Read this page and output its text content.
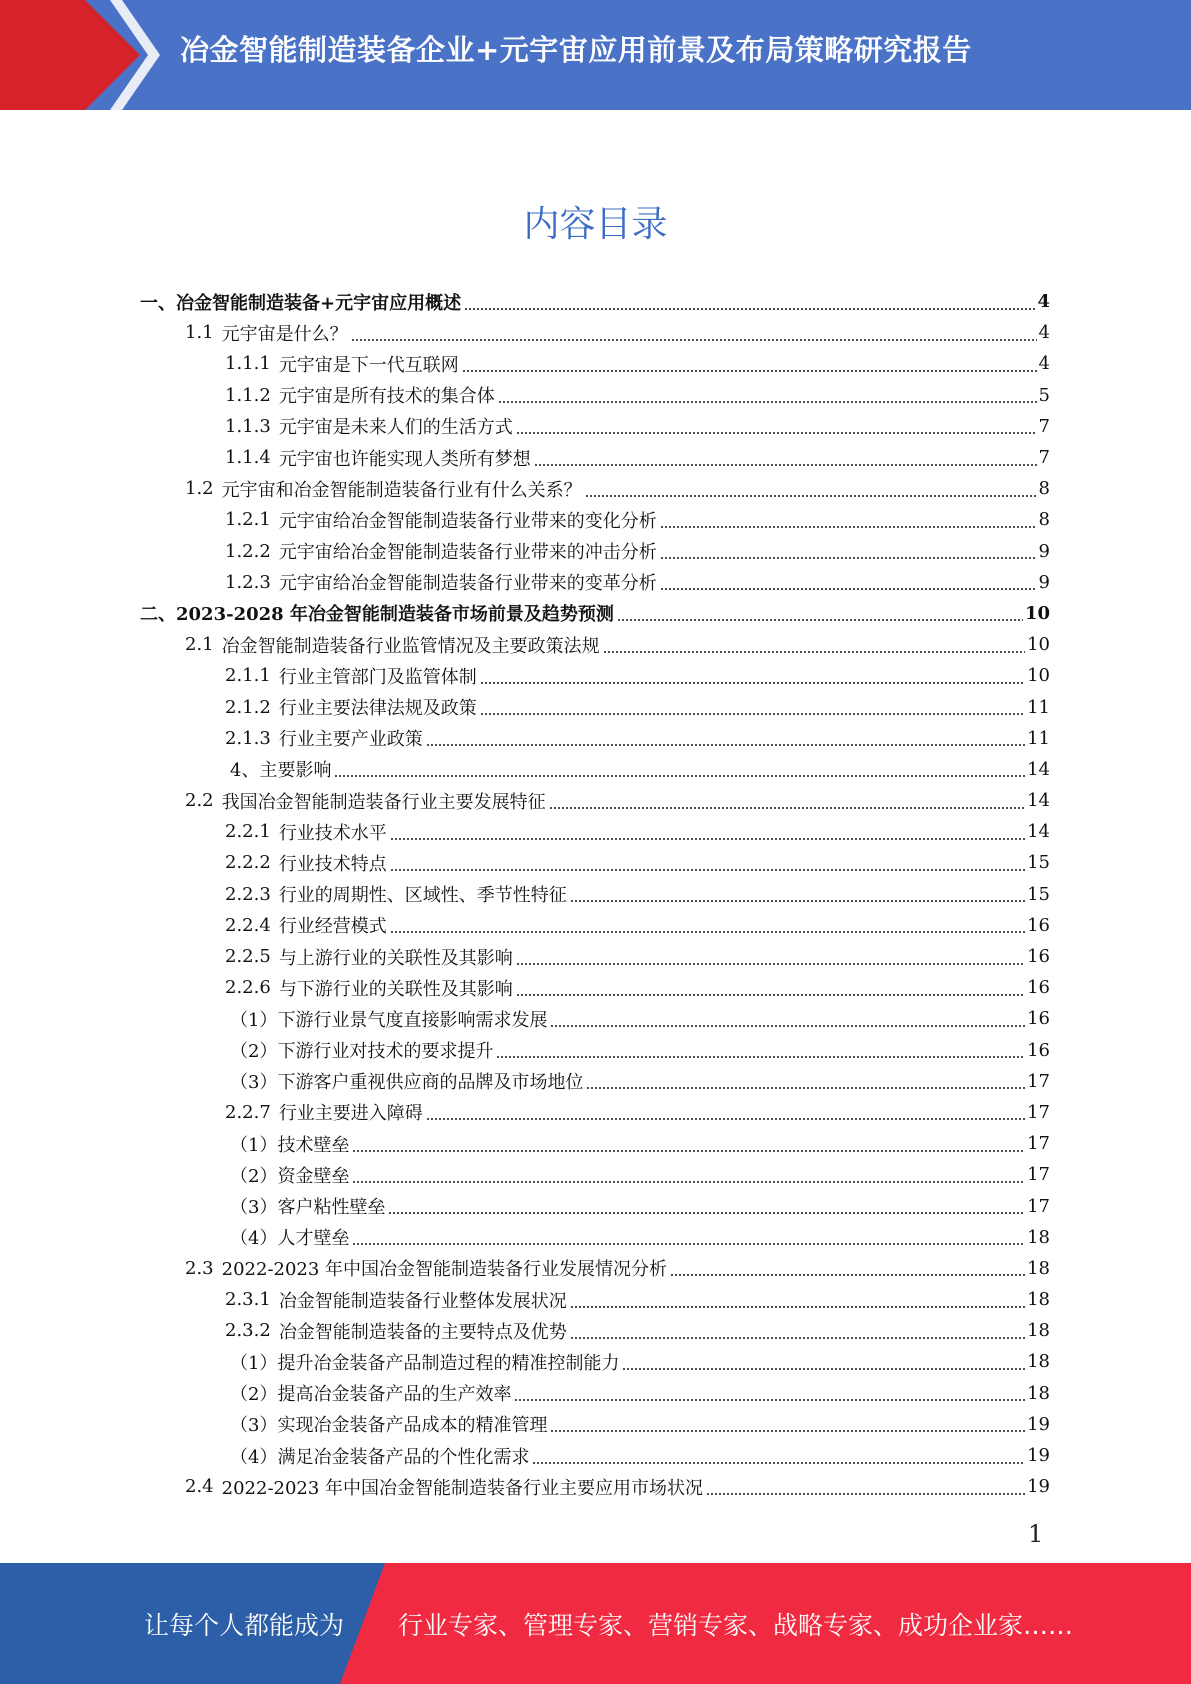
冶金智能制造装备企业+元宇宙应用前景及布局策略研究报告
内容目录
一、 冶金智能制造装备+元宇宙应用概述	4
1.1 元宇宙是什么？	4
1.1.1 元宇宙是下一代互联网	4
1.1.2 元宇宙是所有技术的集合体	5
1.1.3 元宇宙是未来人们的生活方式	7
1.1.4 元宇宙也许能实现人类所有梦想	7
1.2 元宇宙和冶金智能制造装备行业有什么关系？	8
1.2.1 元宇宙给冶金智能制造装备行业带来的变化分析	8
1.2.2 元宇宙给冶金智能制造装备行业带来的冲击分析	9
1.2.3 元宇宙给冶金智能制造装备行业带来的变革分析	9
二、 2023-2028 年冶金智能制造装备市场前景及趋势预测	10
2.1 冶金智能制造装备行业监管情况及主要政策法规	10
2.1.1 行业主管部门及监管体制	10
2.1.2 行业主要法律法规及政策	11
2.1.3 行业主要产业政策	11
4、主要影响	14
2.2 我国冶金智能制造装备行业主要发展特征	14
2.2.1 行业技术水平	14
2.2.2 行业技术特点	15
2.2.3 行业的周期性、区域性、季节性特征	15
2.2.4 行业经营模式	16
2.2.5 与上游行业的关联性及其影响	16
2.2.6 与下游行业的关联性及其影响	16
（1）下游行业景气度直接影响需求发展	16
（2）下游行业对技术的要求提升	16
（3）下游客户重视供应商的品牌及市场地位	17
2.2.7 行业主要进入障碍	17
（1）技术壁垒	17
（2）资金壁垒	17
（3）客户粘性壁垒	17
（4）人才壁垒	18
2.3 2022-2023 年中国冶金智能制造装备行业发展情况分析	18
2.3.1 冶金智能制造装备行业整体发展状况	18
2.3.2 冶金智能制造装备的主要特点及优势	18
（1）提升冶金装备产品制造过程的精准控制能力	18
（2）提高冶金装备产品的生产效率	18
（3）实现冶金装备产品成本的精准管理	19
（4）满足冶金装备产品的个性化需求	19
2.4 2022-2023 年中国冶金智能制造装备行业主要应用市场状况	19
1
让每个人都能成为 行业专家、管理专家、营销专家、战略专家、成功企业家……
